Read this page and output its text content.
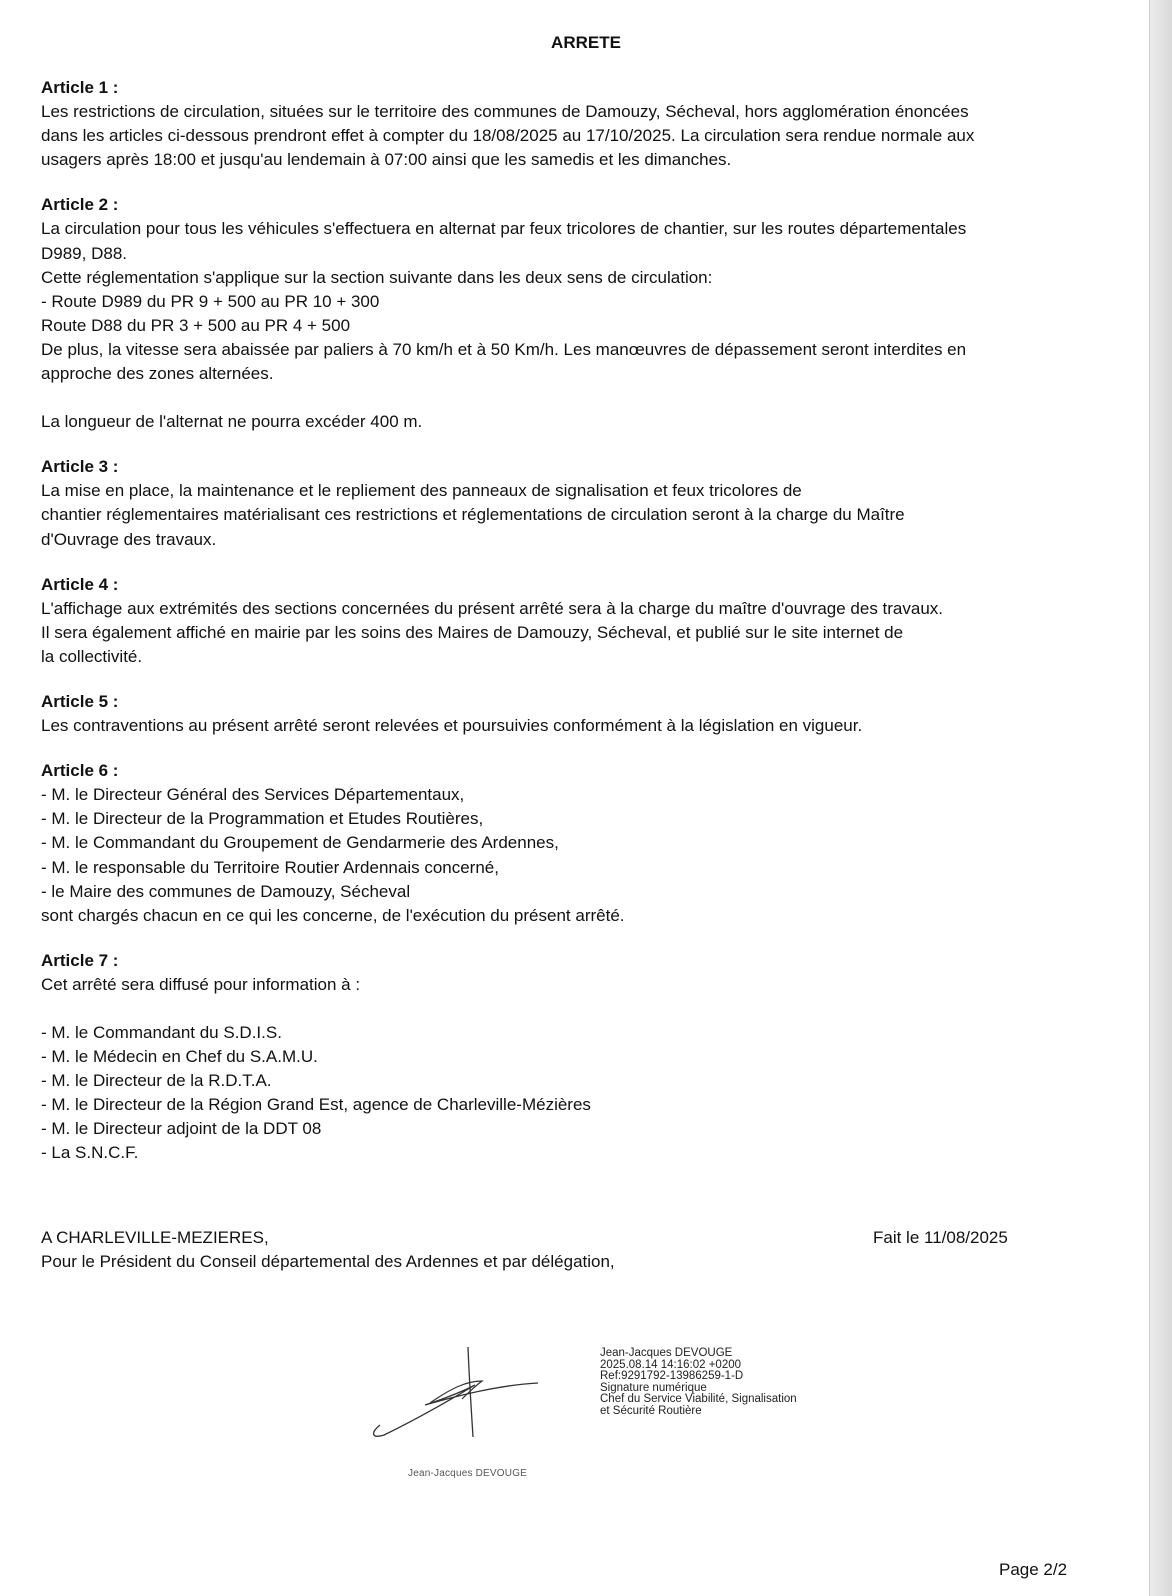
ARRETE
Article 1 :
Les restrictions de circulation, situées sur le territoire des communes de Damouzy, Sécheval, hors agglomération énoncées
dans les articles ci-dessous prendront effet à compter du 18/08/2025 au 17/10/2025. La circulation sera rendue normale aux
usagers après 18:00 et jusqu'au lendemain à 07:00 ainsi que les samedis et les dimanches.
Article 2 :
La circulation pour tous les véhicules s'effectuera en alternat par feux tricolores de chantier, sur les routes départementales
D989, D88.
Cette réglementation s'applique sur la section suivante dans les deux sens de circulation:
- Route D989 du PR 9 + 500 au PR 10 + 300
Route D88 du PR 3 + 500 au PR 4 + 500
De plus, la vitesse sera abaissée par paliers à 70 km/h et à 50 Km/h. Les manœuvres de dépassement seront interdites en
approche des zones alternées.
La longueur de l'alternat ne pourra excéder 400 m.
Article 3 :
La mise en place, la maintenance et le repliement des panneaux de signalisation et feux tricolores de
chantier réglementaires matérialisant ces restrictions et réglementations de circulation seront à la charge du Maître
d'Ouvrage des travaux.
Article 4 :
L'affichage aux extrémités des sections concernées du présent arrêté sera à la charge du maître d'ouvrage des travaux.
Il sera également affiché en mairie par les soins des Maires de Damouzy, Sécheval, et publié sur le site internet de
la collectivité.
Article 5 :
Les contraventions au présent arrêté seront relevées et poursuivies conformément à la législation en vigueur.
Article 6 :
- M. le Directeur Général des Services Départementaux,
- M. le Directeur de la Programmation et Etudes Routières,
- M. le Commandant du Groupement de Gendarmerie des Ardennes,
- M. le responsable du Territoire Routier Ardennais concerné,
- le Maire des communes de Damouzy, Sécheval
sont chargés chacun en ce qui les concerne, de l'exécution du présent arrêté.
Article 7 :
Cet arrêté sera diffusé pour information à :
- M. le Commandant du S.D.I.S.
- M. le Médecin en Chef du S.A.M.U.
- M. le Directeur de la R.D.T.A.
- M. le Directeur de la Région Grand Est, agence de Charleville-Mézières
- M. le Directeur adjoint de la DDT 08
- La S.N.C.F.
A CHARLEVILLE-MEZIERES,
Pour le Président du Conseil départemental des Ardennes et par délégation,
Fait le 11/08/2025
Jean-Jacques DEVOUGE
Jean-Jacques DEVOUGE
2025.08.14 14:16:02 +0200
Ref:9291792-13986259-1-D
Signature numérique
Chef du Service Viabilité, Signalisation
et Sécurité Routière
Page 2/2
